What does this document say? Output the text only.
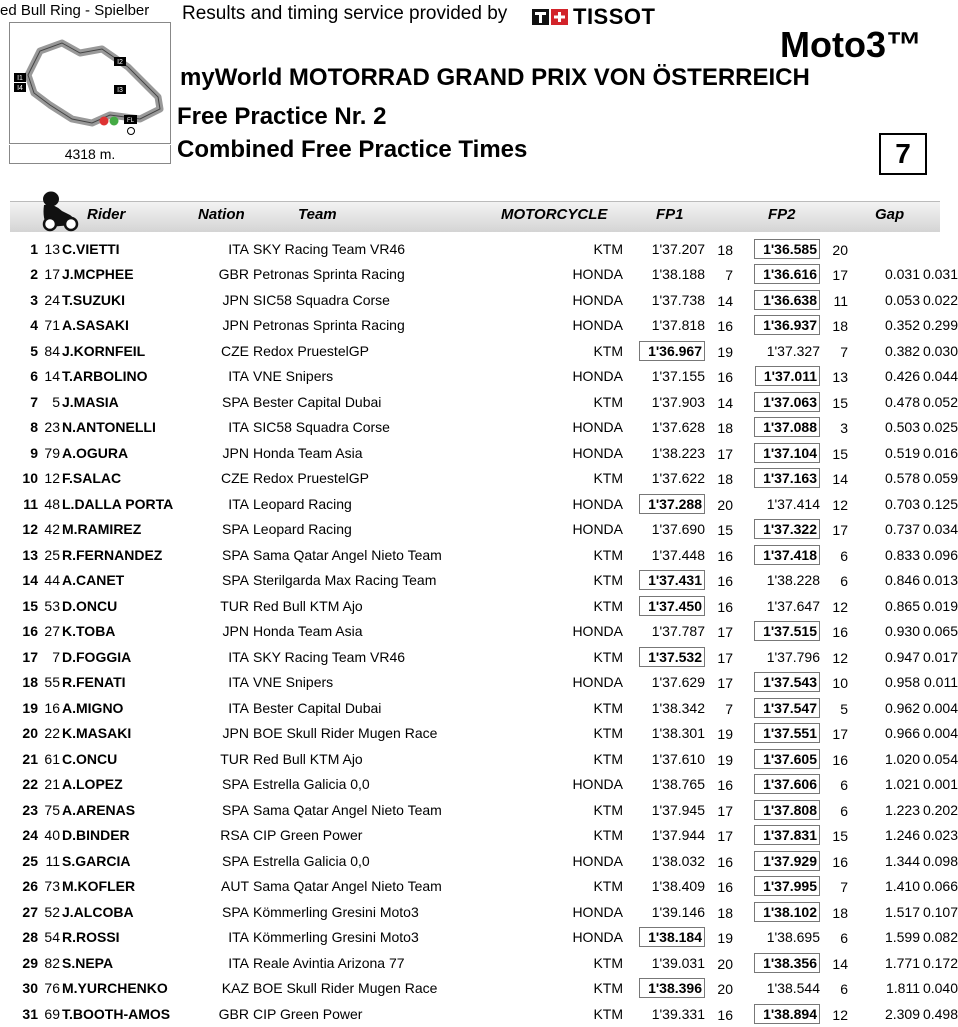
ed Bull Ring - Spielber
I2
I1
I3
I4
FL
4318 m.
Results and timing service provided by	TISSOT
Moto3™
myWorld MOTORRAD GRAND PRIX VON ÖSTERREICH
Free Practice Nr. 2
Combined Free Practice Times	7
Rider	Nation	Team	MOTORCYCLE	FP1	FP2	Gap
1	13	C.VIETTI	ITA	SKY Racing Team VR46	KTM	1'37.207	18	1'36.585	20		
2	17	J.MCPHEE	GBR	Petronas Sprinta Racing	HONDA	1'38.188	7	1'36.616	17	0.031	0.031
3	24	T.SUZUKI	JPN	SIC58 Squadra Corse	HONDA	1'37.738	14	1'36.638	11	0.053	0.022
4	71	A.SASAKI	JPN	Petronas Sprinta Racing	HONDA	1'37.818	16	1'36.937	18	0.352	0.299
5	84	J.KORNFEIL	CZE	Redox PruestelGP	KTM	1'36.967	19	1'37.327	7	0.382	0.030
6	14	T.ARBOLINO	ITA	VNE Snipers	HONDA	1'37.155	16	1'37.011	13	0.426	0.044
7	5	J.MASIA	SPA	Bester Capital Dubai	KTM	1'37.903	14	1'37.063	15	0.478	0.052
8	23	N.ANTONELLI	ITA	SIC58 Squadra Corse	HONDA	1'37.628	18	1'37.088	3	0.503	0.025
9	79	A.OGURA	JPN	Honda Team Asia	HONDA	1'38.223	17	1'37.104	15	0.519	0.016
10	12	F.SALAC	CZE	Redox PruestelGP	KTM	1'37.622	18	1'37.163	14	0.578	0.059
11	48	L.DALLA PORTA	ITA	Leopard Racing	HONDA	1'37.288	20	1'37.414	12	0.703	0.125
12	42	M.RAMIREZ	SPA	Leopard Racing	HONDA	1'37.690	15	1'37.322	17	0.737	0.034
13	25	R.FERNANDEZ	SPA	Sama Qatar Angel Nieto Team	KTM	1'37.448	16	1'37.418	6	0.833	0.096
14	44	A.CANET	SPA	Sterilgarda Max Racing Team	KTM	1'37.431	16	1'38.228	6	0.846	0.013
15	53	D.ONCU	TUR	Red Bull KTM Ajo	KTM	1'37.450	16	1'37.647	12	0.865	0.019
16	27	K.TOBA	JPN	Honda Team Asia	HONDA	1'37.787	17	1'37.515	16	0.930	0.065
17	7	D.FOGGIA	ITA	SKY Racing Team VR46	KTM	1'37.532	17	1'37.796	12	0.947	0.017
18	55	R.FENATI	ITA	VNE Snipers	HONDA	1'37.629	17	1'37.543	10	0.958	0.011
19	16	A.MIGNO	ITA	Bester Capital Dubai	KTM	1'38.342	7	1'37.547	5	0.962	0.004
20	22	K.MASAKI	JPN	BOE Skull Rider Mugen Race	KTM	1'38.301	19	1'37.551	17	0.966	0.004
21	61	C.ONCU	TUR	Red Bull KTM Ajo	KTM	1'37.610	19	1'37.605	16	1.020	0.054
22	21	A.LOPEZ	SPA	Estrella Galicia 0,0	HONDA	1'38.765	16	1'37.606	6	1.021	0.001
23	75	A.ARENAS	SPA	Sama Qatar Angel Nieto Team	KTM	1'37.945	17	1'37.808	6	1.223	0.202
24	40	D.BINDER	RSA	CIP Green Power	KTM	1'37.944	17	1'37.831	15	1.246	0.023
25	11	S.GARCIA	SPA	Estrella Galicia 0,0	HONDA	1'38.032	16	1'37.929	16	1.344	0.098
26	73	M.KOFLER	AUT	Sama Qatar Angel Nieto Team	KTM	1'38.409	16	1'37.995	7	1.410	0.066
27	52	J.ALCOBA	SPA	Kömmerling Gresini Moto3	HONDA	1'39.146	18	1'38.102	18	1.517	0.107
28	54	R.ROSSI	ITA	Kömmerling Gresini Moto3	HONDA	1'38.184	19	1'38.695	6	1.599	0.082
29	82	S.NEPA	ITA	Reale Avintia Arizona 77	KTM	1'39.031	20	1'38.356	14	1.771	0.172
30	76	M.YURCHENKO	KAZ	BOE Skull Rider Mugen Race	KTM	1'38.396	20	1'38.544	6	1.811	0.040
31	69	T.BOOTH-AMOS	GBR	CIP Green Power	KTM	1'39.331	16	1'38.894	12	2.309	0.498
